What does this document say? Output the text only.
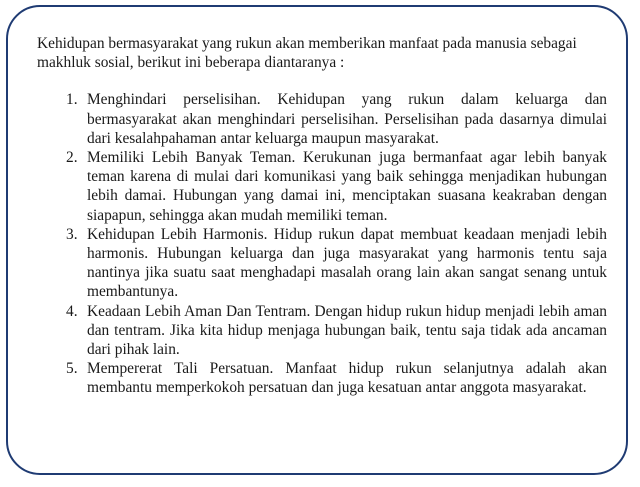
Kehidupan bermasyarakat yang rukun akan memberikan manfaat pada manusia sebagai makhluk sosial, berikut ini beberapa diantaranya :

1. Menghindari perselisihan. Kehidupan yang rukun dalam keluarga dan bermasyarakat akan menghindari perselisihan. Perselisihan pada dasarnya dimulai dari kesalahpahaman antar keluarga maupun masyarakat.
2. Memiliki Lebih Banyak Teman. Kerukunan juga bermanfaat agar lebih banyak teman karena di mulai dari komunikasi yang baik sehingga menjadikan hubungan lebih damai. Hubungan yang damai ini, menciptakan suasana keakraban dengan siapapun, sehingga akan mudah memiliki teman.
3. Kehidupan Lebih Harmonis. Hidup rukun dapat membuat keadaan menjadi lebih harmonis. Hubungan keluarga dan juga masyarakat yang harmonis tentu saja nantinya jika suatu saat menghadapi masalah orang lain akan sangat senang untuk membantunya.
4. Keadaan Lebih Aman Dan Tentram. Dengan hidup rukun hidup menjadi lebih aman dan tentram. Jika kita hidup menjaga hubungan baik, tentu saja tidak ada ancaman dari pihak lain.
5. Mempererat Tali Persatuan. Manfaat hidup rukun selanjutnya adalah akan membantu memperkokoh persatuan dan juga kesatuan antar anggota masyarakat.
